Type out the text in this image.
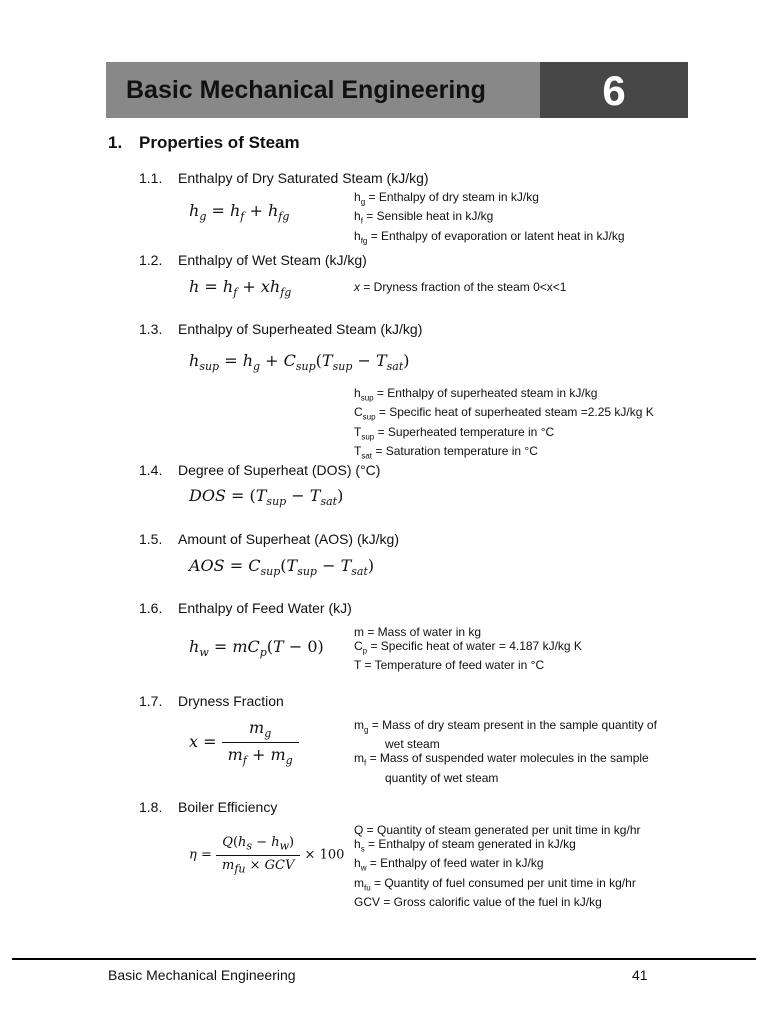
Basic Mechanical Engineering	6
1. Properties of Steam
1.1. Enthalpy of Dry Saturated Steam (kJ/kg)
1.2. Enthalpy of Wet Steam (kJ/kg)
1.3. Enthalpy of Superheated Steam (kJ/kg)
1.4. Degree of Superheat (DOS) (°C)
1.5. Amount of Superheat (AOS) (kJ/kg)
1.6. Enthalpy of Feed Water (kJ)
1.7. Dryness Fraction
1.8. Boiler Efficiency
$h_g = h_f + h_{fg}$
$h_g$ = Enthalpy of dry steam in kJ/kg
$h_f$ = Sensible heat in kJ/kg
$h_{fg}$ = Enthalpy of evaporation or latent heat in kJ/kg
$h = h_f + xh_{fg}$	x = Dryness fraction of the steam 0<x<1
$h_{sup} = h_g + C_{sup}(T_{sup} - T_{sat})$
$h_{sup}$ = Enthalpy of superheated steam in kJ/kg
$C_{sup}$ = Specific heat of superheated steam =2.25 kJ/kg K
$T_{sup}$ = Superheated temperature in °C
$T_{sat}$ = Saturation temperature in °C
DOS = $(T_{sup} - T_{sat})$
AOS = $C_{sup}(T_{sup} - T_{sat})$
$h_w = mC_p(T - 0)$
m = Mass of water in kg
$C_p$ = Specific heat of water = 4.187 kJ/kg K
T = Temperature of feed water in °C
$x = \frac{m_g}{m_f + m_g}$	$m_g$ = Mass of dry steam present in the sample quantity of
wet steam
$m_f$ = Mass of suspended water molecules in the sample
quantity of wet steam
$\eta = \frac{Q(h_s - h_w)}{m_{fu} \times GCV} \times 100$
Q = Quantity of steam generated per unit time in kg/hr
$h_s$ = Enthalpy of steam generated in kJ/kg
$h_w$ = Enthalpy of feed water in kJ/kg
$m_{fu}$ = Quantity of fuel consumed per unit time in kg/hr
GCV = Gross calorific value of the fuel in kJ/kg
Basic Mechanical Engineering	41
